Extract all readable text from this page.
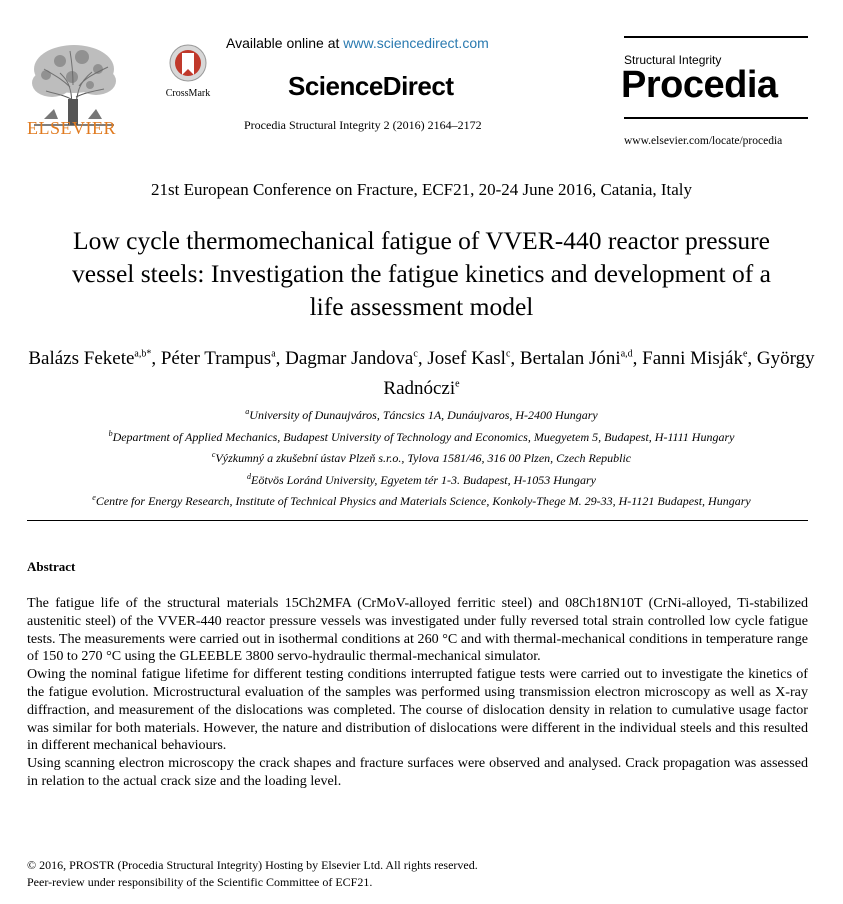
ELSEVIER
CrossMark
Available online at www.sciencedirect.com
ScienceDirect
Procedia Structural Integrity 2 (2016) 2164–2172
Structural Integrity
Procedia
www.elsevier.com/locate/procedia
21st European Conference on Fracture, ECF21, 20-24 June 2016, Catania, Italy
Low cycle thermomechanical fatigue of VVER-440 reactor pressure
vessel steels: Investigation the fatigue kinetics and development of a
life assessment model
Balázs Fekete$^{a,b*}$, Péter Trampus$^a$, Dagmar Jandova$^c$, Josef Kasl$^c$, Bertalan Jóni$^{a,d}$, Fanni Misják$^e$, György Radnóczi$^e$
$^a$University of Dunaujváros, Táncsics 1A, Dunáujvaros, H-2400 Hungary
$^b$Department of Applied Mechanics, Budapest University of Technology and Economics, Muegyetem 5, Budapest, H-1111 Hungary
$^c$Výzkumný a zkušební ústav Plzeň s.r.o., Tylova 1581/46, 316 00 Plzen, Czech Republic
$^d$Eötvös Loránd University, Egyetem tér 1-3. Budapest, H-1053 Hungary
$^e$Centre for Energy Research, Institute of Technical Physics and Materials Science, Konkoly-Thege M. 29-33, H-1121 Budapest, Hungary
Abstract

The fatigue life of the structural materials 15Ch2MFA (CrMoV-alloyed ferritic steel) and 08Ch18N10T (CrNi-alloyed, Ti-stabilized austenitic steel) of the VVER-440 reactor pressure vessels was investigated under fully reversed total strain controlled low cycle fatigue tests. The measurements were carried out in isothermal conditions at 260 °C and with thermal-mechanical conditions in temperature range of 150 to 270 °C using the GLEEBLE 3800 servo-hydraulic thermal-mechanical simulator.

Owing the nominal fatigue lifetime for different testing conditions interrupted fatigue tests were carried out to investigate the kinetics of the fatigue evolution. Microstructural evaluation of the samples was performed using transmission electron microscopy as well as X-ray diffraction, and measurement of the dislocations was completed. The course of dislocation density in relation to cumulative usage factor was similar for both materials. However, the nature and distribution of dislocations were different in the individual steels and this resulted in different mechanical behaviours.

Using scanning electron microscopy the crack shapes and fracture surfaces were observed and analysed. Crack propagation was assessed in relation to the actual crack size and the loading level.

© 2016, PROSTR (Procedia Structural Integrity) Hosting by Elsevier Ltd. All rights reserved.

Peer-review under responsibility of the Scientific Committee of ECF21.
